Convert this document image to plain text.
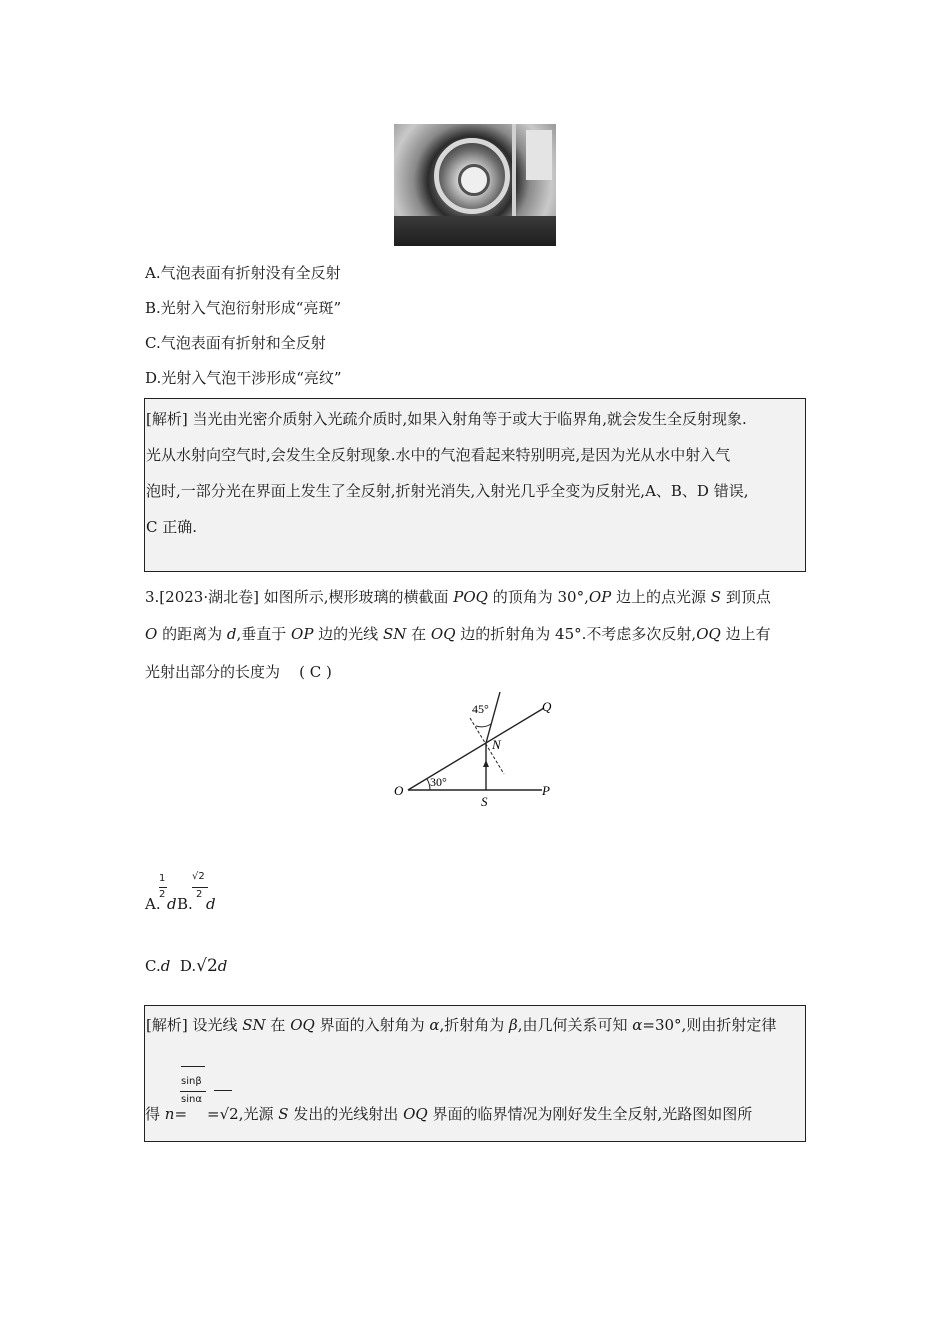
A.气泡表面有折射没有全反射
B.光射入气泡衍射形成“亮斑”
C.气泡表面有折射和全反射
D.光射入气泡干涉形成“亮纹”

[解析] 当光由光密介质射入光疏介质时,如果入射角等于或大于临界角,就会发生全反射现象.

光从水射向空气时,会发生全反射现象.水中的气泡看起来特别明亮,是因为光从水中射入气

泡时,一部分光在界面上发生了全反射,折射光消失,入射光几乎全变为反射光,A、B、D 错误,

C 正确.

3.[2023·湖北卷] 如图所示,楔形玻璃的横截面 POQ 的顶角为 30°,OP 边上的点光源 S 到顶点
O 的距离为 d,垂直于 OP 边的光线 SN 在 OQ 边的折射角为 45°.不考虑多次反射,OQ 边上有
光射出部分的长度为 ( C )
O	P
Q
N
S
30°
45°
A.
1
2
d B.
√2
2
d
C.d D.√2d

[解析] 设光线 SN 在 OQ 界面的入射角为 α,折射角为 β,由几何关系可知 α=30°,则由折射定律

sinβ
sinα
得 n= =√2,光源 S 发出的光线射出 OQ 界面的临界情况为刚好发生全反射,光路图如图所
